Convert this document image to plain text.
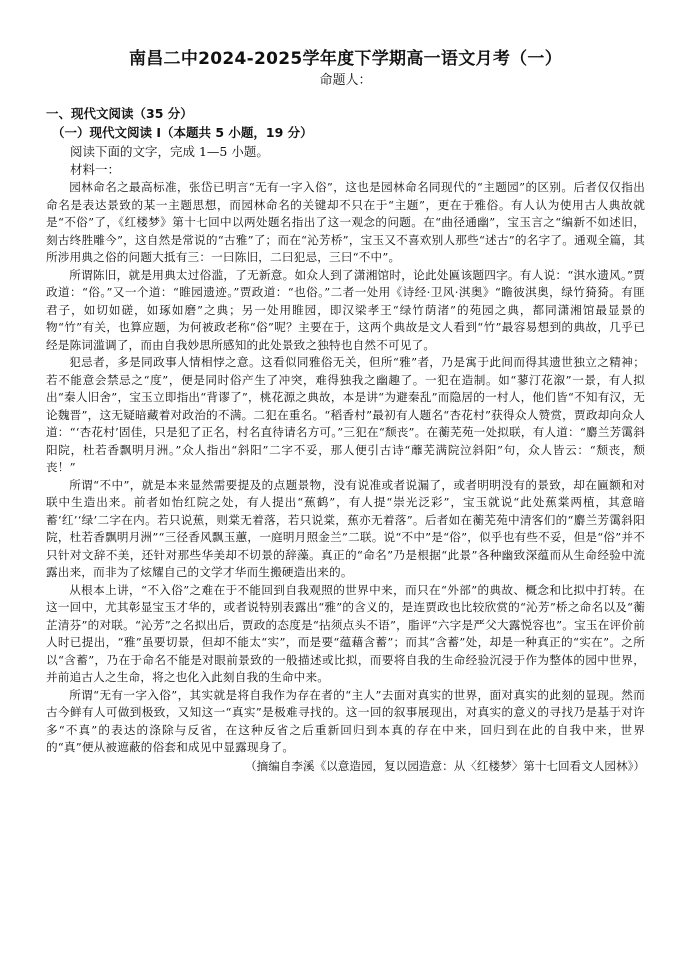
南昌二中2024-2025学年度下学期高一语文月考（一）
命题人：
一、现代文阅读（35 分）
（一）现代文阅读 I（本题共 5 小题，19 分）
阅读下面的文字，完成 1—5 小题。
材料一：

园林命名之最高标准，张岱已明言“无有一字入俗”，这也是园林命名同现代的“主题园”的区别。后者仅仅指出命名是表达景致的某一主题思想，而园林命名的关键却不只在于“主题”，更在于雅俗。有人认为使用古人典故就是“不俗”了，《红楼梦》第十七回中以两处题名指出了这一观念的问题。在“曲径通幽”，宝玉言之“编新不如述旧，刻古终胜雕今”，这自然是常说的“古雅”了；而在“沁芳桥”，宝玉又不喜欢别人那些“述古”的名字了。通观全篇，其所涉用典之俗的问题大抵有三：一曰陈旧，二曰犯忌，三曰“不中”。

所谓陈旧，就是用典太过俗滥，了无新意。如众人到了潇湘馆时，论此处匾该题四字。有人说：“淇水遗风。”贾政道：“俗。”又一个道：“睢园遗迹。”贾政道：“也俗。”二者一处用《诗经·卫风·淇奥》“瞻彼淇奥，绿竹猗猗。有匪君子，如切如磋，如琢如磨”之典；另一处用睢园，即汉梁孝王“绿竹荫渚”的苑园之典，都同潇湘馆最显景的物“竹”有关，也算应题，为何被政老称“俗”呢？主要在于，这两个典故是文人看到“竹”最容易想到的典故，几乎已经是陈词滥调了，而由自我妙思所感知的此处景致之独特也自然不可见了。

犯忌者，多是同政事人情相悖之意。这看似同雅俗无关，但所“雅”者，乃是寓于此间而得其遗世独立之精神；若不能意会禁忌之“度”，便是同时俗产生了冲突，难得独我之幽趣了。一犯在造制。如“蓼汀花溆”一景，有人拟出“秦人旧舍”，宝玉立即指出“背谬了”，桃花源之典故，本是讲“为避秦乱”而隐居的一村人，他们皆“不知有汉，无论魏晋”，这无疑暗藏着对政治的不满。二犯在重名。“稻香村”最初有人题名“杏花村”获得众人赞赏，贾政却向众人道：“‘杏花村’固佳，只是犯了正名，村名直待请名方可。”三犯在“颓丧”。在蘅芜苑一处拟联，有人道：“麝兰芳霭斜阳院，杜若香飘明月洲。”众人指出“斜阳”二字不妥，那人便引古诗“蘼芜满院泣斜阳”句，众人皆云：“颓丧，颓丧！”

所谓“不中”，就是本来显然需要提及的点题景物，没有说准或者说漏了，或者明明没有的景致，却在匾额和对联中生造出来。前者如怡红院之处，有人提出“蕉鹤”，有人提“崇光泛彩”，宝玉就说“此处蕉棠两植，其意暗蓄‘红’‘绿’二字在内。若只说蕉，则棠无着落，若只说棠，蕉亦无着落”。后者如在蘅芜苑中清客们的“麝兰芳霭斜阳院，杜若香飘明月洲”“三径香风飘玉蕙，一庭明月照金兰”二联。说“不中”是“俗”，似乎也有些不妥，但是“俗”并不只针对文辞不美，还针对那些华美却不切景的辞藻。真正的“命名”乃是根据“此景”各种幽致深蕴而从生命经验中流露出来，而非为了炫耀自己的文学才华而生搬硬造出来的。

从根本上讲，“不入俗”之难在于不能回到自我观照的世界中来，而只在“外部”的典故、概念和比拟中打转。在这一回中，尤其彰显宝玉才华的，或者说特别表露出“雅”的含义的，是连贾政也比较欣赏的“沁芳”桥之命名以及“蘅芷清芬”的对联。“沁芳”之名拟出后，贾政的态度是“拈须点头不语”，脂评“六字是严父大露悦容也”。宝玉在评价前人时已提出，“雅”虽要切景，但却不能太“实”，而是要“蕴藉含蓄”；而其“含蓄”处，却是一种真正的“实在”。之所以“含蓄”，乃在于命名不能是对眼前景致的一般描述或比拟，而要将自我的生命经验沉浸于作为整体的园中世界，并前追古人之生命，将之也化入此刻自我的生命中来。

所谓“无有一字入俗”，其实就是将自我作为存在者的“主人”去面对真实的世界，面对真实的此刻的显现。然而古今鲜有人可做到极致，又知这一“真实”是极难寻找的。这一回的叙事展现出，对真实的意义的寻找乃是基于对许多“不真”的表达的涤除与反省，在这种反省之后重新回归到本真的存在中来，回归到在此的自我中来，世界的“真”便从被遮蔽的俗套和成见中显露现身了。

（摘编自李溪《以意造园，复以园造意：从〈红楼梦〉第十七回看文人园林》）
